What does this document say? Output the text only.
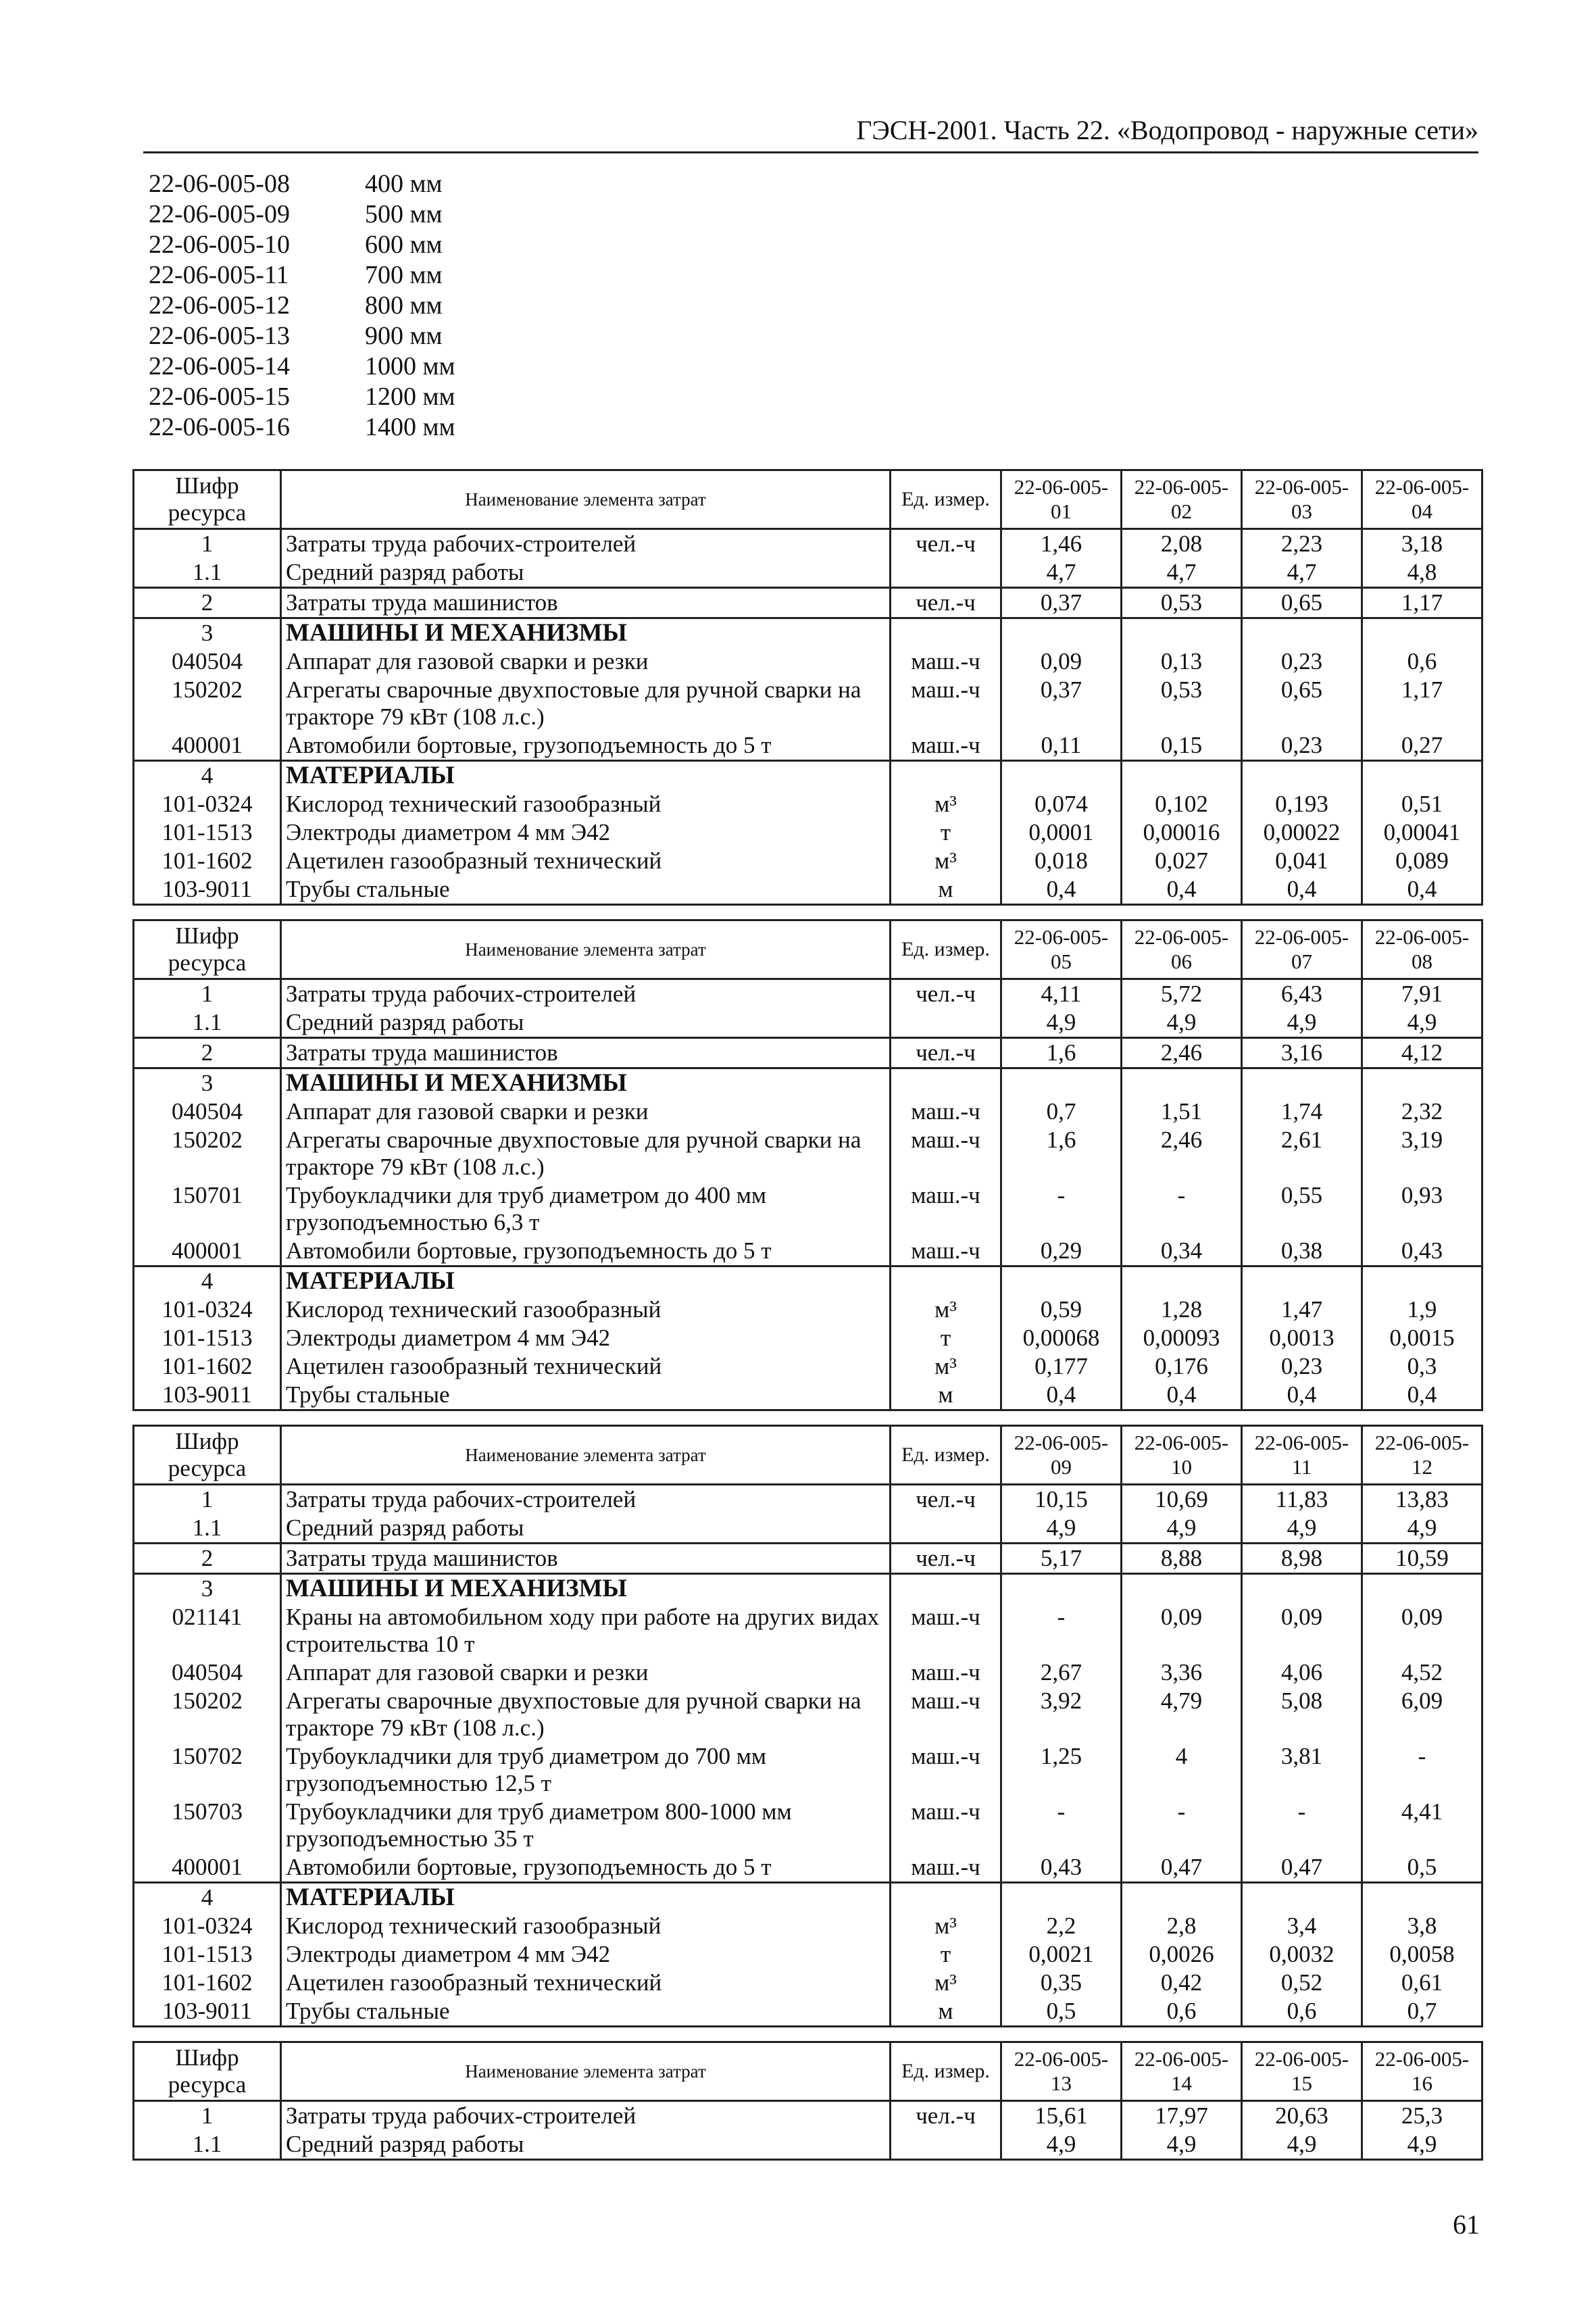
ГЭСН-2001. Часть 22. «Водопровод - наружные сети»
22-06-005-08	400 мм
22-06-005-09	500 мм
22-06-005-10	600 мм
22-06-005-11	700 мм
22-06-005-12	800 мм
22-06-005-13	900 мм
22-06-005-14	1000 мм
22-06-005-15	1200 мм
22-06-005-16	1400 мм
Шифр ресурса	Наименование элемента затрат	Ед. измер.	22-06-005-01	22-06-005-02	22-06-005-03	22-06-005-04
1	Затраты труда рабочих-строителей	чел.-ч	1,46	2,08	2,23	3,18
1.1	Средний разряд работы		4,7	4,7	4,7	4,8
2	Затраты труда машинистов	чел.-ч	0,37	0,53	0,65	1,17
3	МАШИНЫ И МЕХАНИЗМЫ					
040504	Аппарат для газовой сварки и резки	маш.-ч	0,09	0,13	0,23	0,6
150202	Агрегаты сварочные двухпостовые для ручной сварки на тракторе 79 кВт (108 л.с.)	маш.-ч	0,37	0,53	0,65	1,17
400001	Автомобили бортовые, грузоподъемность до 5 т	маш.-ч	0,11	0,15	0,23	0,27
4	МАТЕРИАЛЫ					
101-0324	Кислород технический газообразный	м³	0,074	0,102	0,193	0,51
101-1513	Электроды диаметром 4 мм Э42	т	0,0001	0,00016	0,00022	0,00041
101-1602	Ацетилен газообразный технический	м³	0,018	0,027	0,041	0,089
103-9011	Трубы стальные	м	0,4	0,4	0,4	0,4
Шифр ресурса	Наименование элемента затрат	Ед. измер.	22-06-005-05	22-06-005-06	22-06-005-07	22-06-005-08
1	Затраты труда рабочих-строителей	чел.-ч	4,11	5,72	6,43	7,91
1.1	Средний разряд работы		4,9	4,9	4,9	4,9
2	Затраты труда машинистов	чел.-ч	1,6	2,46	3,16	4,12
3	МАШИНЫ И МЕХАНИЗМЫ					
040504	Аппарат для газовой сварки и резки	маш.-ч	0,7	1,51	1,74	2,32
150202	Агрегаты сварочные двухпостовые для ручной сварки на тракторе 79 кВт (108 л.с.)	маш.-ч	1,6	2,46	2,61	3,19
150701	Трубоукладчики для труб диаметром до 400 мм грузоподъемностью 6,3 т	маш.-ч	-	-	0,55	0,93
400001	Автомобили бортовые, грузоподъемность до 5 т	маш.-ч	0,29	0,34	0,38	0,43
4	МАТЕРИАЛЫ					
101-0324	Кислород технический газообразный	м³	0,59	1,28	1,47	1,9
101-1513	Электроды диаметром 4 мм Э42	т	0,00068	0,00093	0,0013	0,0015
101-1602	Ацетилен газообразный технический	м³	0,177	0,176	0,23	0,3
103-9011	Трубы стальные	м	0,4	0,4	0,4	0,4
Шифр ресурса	Наименование элемента затрат	Ед. измер.	22-06-005-09	22-06-005-10	22-06-005-11	22-06-005-12
1	Затраты труда рабочих-строителей	чел.-ч	10,15	10,69	11,83	13,83
1.1	Средний разряд работы		4,9	4,9	4,9	4,9
2	Затраты труда машинистов	чел.-ч	5,17	8,88	8,98	10,59
3	МАШИНЫ И МЕХАНИЗМЫ					
021141	Краны на автомобильном ходу при работе на других видах строительства 10 т	маш.-ч	-	0,09	0,09	0,09
040504	Аппарат для газовой сварки и резки	маш.-ч	2,67	3,36	4,06	4,52
150202	Агрегаты сварочные двухпостовые для ручной сварки на тракторе 79 кВт (108 л.с.)	маш.-ч	3,92	4,79	5,08	6,09
150702	Трубоукладчики для труб диаметром до 700 мм грузоподъемностью 12,5 т	маш.-ч	1,25	4	3,81	-
150703	Трубоукладчики для труб диаметром 800-1000 мм грузоподъемностью 35 т	маш.-ч	-	-	-	4,41
400001	Автомобили бортовые, грузоподъемность до 5 т	маш.-ч	0,43	0,47	0,47	0,5
4	МАТЕРИАЛЫ					
101-0324	Кислород технический газообразный	м³	2,2	2,8	3,4	3,8
101-1513	Электроды диаметром 4 мм Э42	т	0,0021	0,0026	0,0032	0,0058
101-1602	Ацетилен газообразный технический	м³	0,35	0,42	0,52	0,61
103-9011	Трубы стальные	м	0,5	0,6	0,6	0,7
Шифр ресурса	Наименование элемента затрат	Ед. измер.	22-06-005-13	22-06-005-14	22-06-005-15	22-06-005-16
1	Затраты труда рабочих-строителей	чел.-ч	15,61	17,97	20,63	25,3
1.1	Средний разряд работы		4,9	4,9	4,9	4,9
61
